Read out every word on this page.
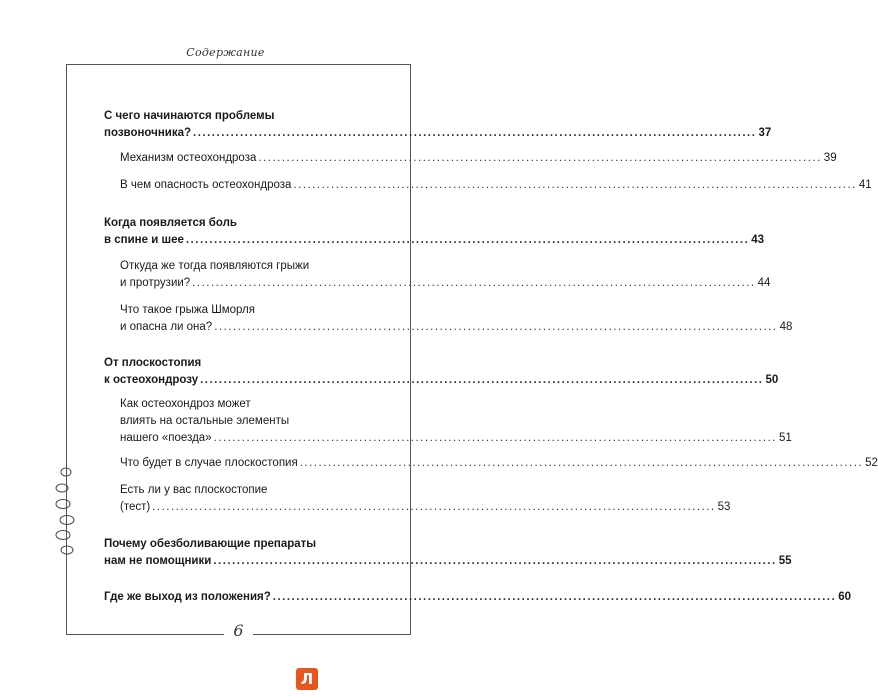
Содержание
6
С чего начинаются проблемы
позвоночника? ........................................................................................................................ 37
Механизм остеохондроза ........................................................................................................................ 39
В чем опасность остеохондроза ........................................................................................................................ 41
Когда появляется боль
в спине и шее ........................................................................................................................ 43
Откуда же тогда появляются грыжи
и протрузии? ........................................................................................................................ 44
Что такое грыжа Шморля
и опасна ли она? ........................................................................................................................ 48
От плоскостопия
к остеохондрозу ........................................................................................................................ 50
Как остеохондроз может
влиять на остальные элементы
нашего «поезда» ........................................................................................................................ 51
Что будет в случае плоскостопия ........................................................................................................................ 52
Есть ли у вас плоскостопие
(тест) ........................................................................................................................ 53
Почему обезболивающие препараты
нам не помощники ........................................................................................................................ 55
Где же выход из положения? ........................................................................................................................ 60
Л
